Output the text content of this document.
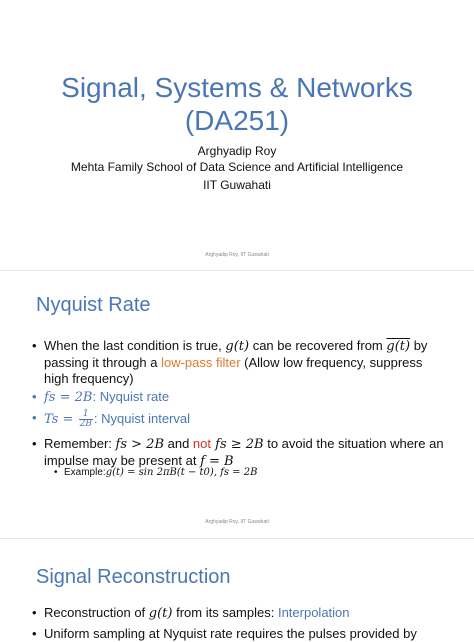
Signal, Systems & Networks
(DA251)
Arghyadip Roy
Mehta Family School of Data Science and Artificial Intelligence
IIT Guwahati
Arghyadip Roy, IIT Guwahati
Nyquist Rate
• When the last condition is true, g(t) can be recovered from g(t) by passing it through a low-pass filter (Allow low frequency, suppress high frequency)
• fs = 2B: Nyquist rate
• $Ts = \frac{1}{2B}$ : Nyquist interval
• Remember: fs > 2B and not fs ≥ 2B to avoid the situation where an impulse may be present at f = B
• Example:g(t) = sin 2πB(t − t0), fs = 2B
Arghyadip Roy, IIT Guwahati
Signal Reconstruction
• Reconstruction of g(t) from its samples: Interpolation
• Uniform sampling at Nyquist rate requires the pulses provided by
